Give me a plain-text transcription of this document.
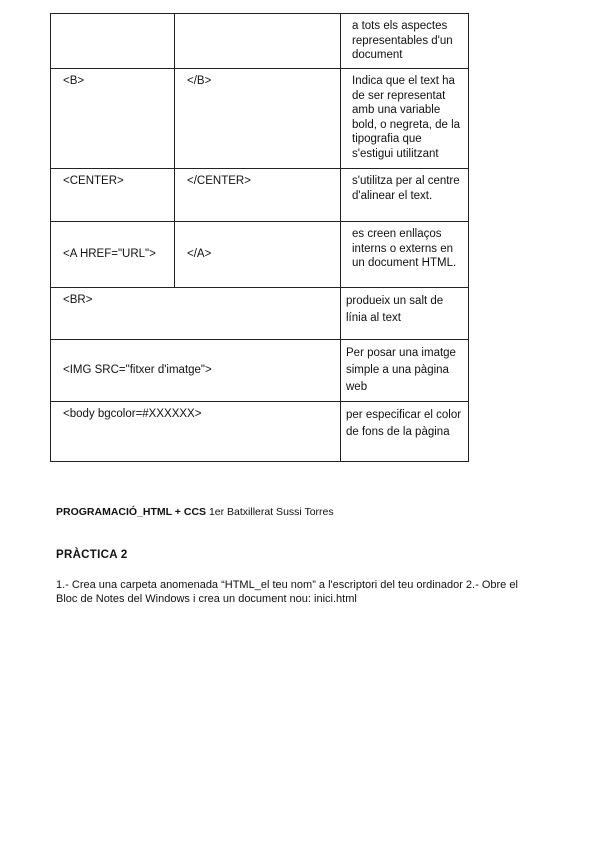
		a tots els aspectes representables d'un document
<B>	</B>	Indica que el text ha de ser representat amb una variable bold, o negreta, de la tipografia que s'estigui utilitzant
<CENTER>	</CENTER>	s'utilitza per al centre d'alinear el text.
<A HREF="URL">	</A>	es creen enllaços interns o externs en un document HTML.
<BR>		produeix un salt de línia al text
<IMG SRC="fitxer d'imatge">		Per posar una imatge simple a una pàgina web
<body bgcolor=#XXXXXX>		per especificar el color de fons de la pàgina
PROGRAMACIÓ_HTML + CCS 1er Batxillerat Sussi Torres
PRÀCTICA 2
1.- Crea una carpeta anomenada “HTML_el teu nom” a l'escriptori del teu ordinador 2.- Obre el Bloc de Notes del Windows i crea un document nou: inici.html
